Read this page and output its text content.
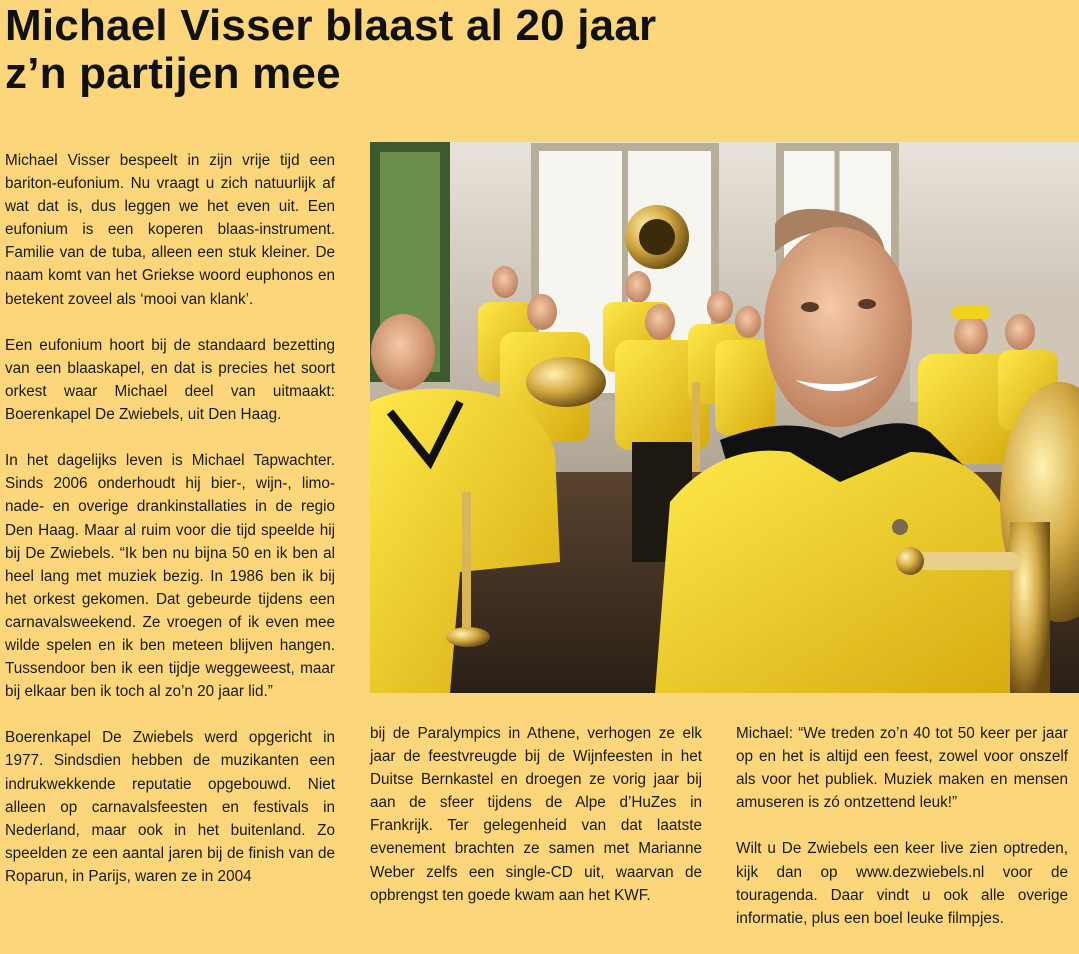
Michael Visser blaast al 20 jaar
z’n partijen mee

Michael Visser bespeelt in zijn vrije tijd een bariton-eufonium. Nu vraagt u zich natuurlijk af wat dat is, dus leggen we het even uit. Een eufonium is een koperen blaas-instrument. Familie van de tuba, alleen een stuk kleiner. De naam komt van het Griekse woord euphonos en betekent zoveel als ‘mooi van klank’.

Een eufonium hoort bij de standaard bezetting van een blaaskapel, en dat is precies het soort orkest waar Michael deel van uitmaakt: Boerenkapel De Zwiebels, uit Den Haag.

In het dagelijks leven is Michael Tapwachter. Sinds 2006 onderhoudt hij bier-, wijn-, limo-nade- en overige drankinstallaties in de regio Den Haag. Maar al ruim voor die tijd speelde hij bij De Zwiebels. “Ik ben nu bijna 50 en ik ben al heel lang met muziek bezig. In 1986 ben ik bij het orkest gekomen. Dat gebeurde tijdens een carnavalsweekend. Ze vroegen of ik even mee wilde spelen en ik ben meteen blijven hangen. Tussendoor ben ik een tijdje weggeweest, maar bij elkaar ben ik toch al zo’n 20 jaar lid.”

Boerenkapel De Zwiebels werd opgericht in 1977. Sindsdien hebben de muzikanten een indrukwekkende reputatie opgebouwd. Niet alleen op carnavalsfeesten en festivals in Nederland, maar ook in het buitenland. Zo speelden ze een aantal jaren bij de finish van de Roparun, in Parijs, waren ze in 2004

bij de Paralympics in Athene, verhogen ze elk jaar de feestvreugde bij de Wijnfeesten in het Duitse Bernkastel en droegen ze vorig jaar bij aan de sfeer tijdens de Alpe d’HuZes in Frankrijk. Ter gelegenheid van dat laatste evenement brachten ze samen met Marianne Weber zelfs een single-CD uit, waarvan de opbrengst ten goede kwam aan het KWF.

Michael: “We treden zo’n 40 tot 50 keer per jaar op en het is altijd een feest, zowel voor onszelf als voor het publiek. Muziek maken en mensen amuseren is zó ontzettend leuk!”

Wilt u De Zwiebels een keer live zien optreden, kijk dan op www.dezwiebels.nl voor de touragenda. Daar vindt u ook alle overige informatie, plus een boel leuke filmpjes.
